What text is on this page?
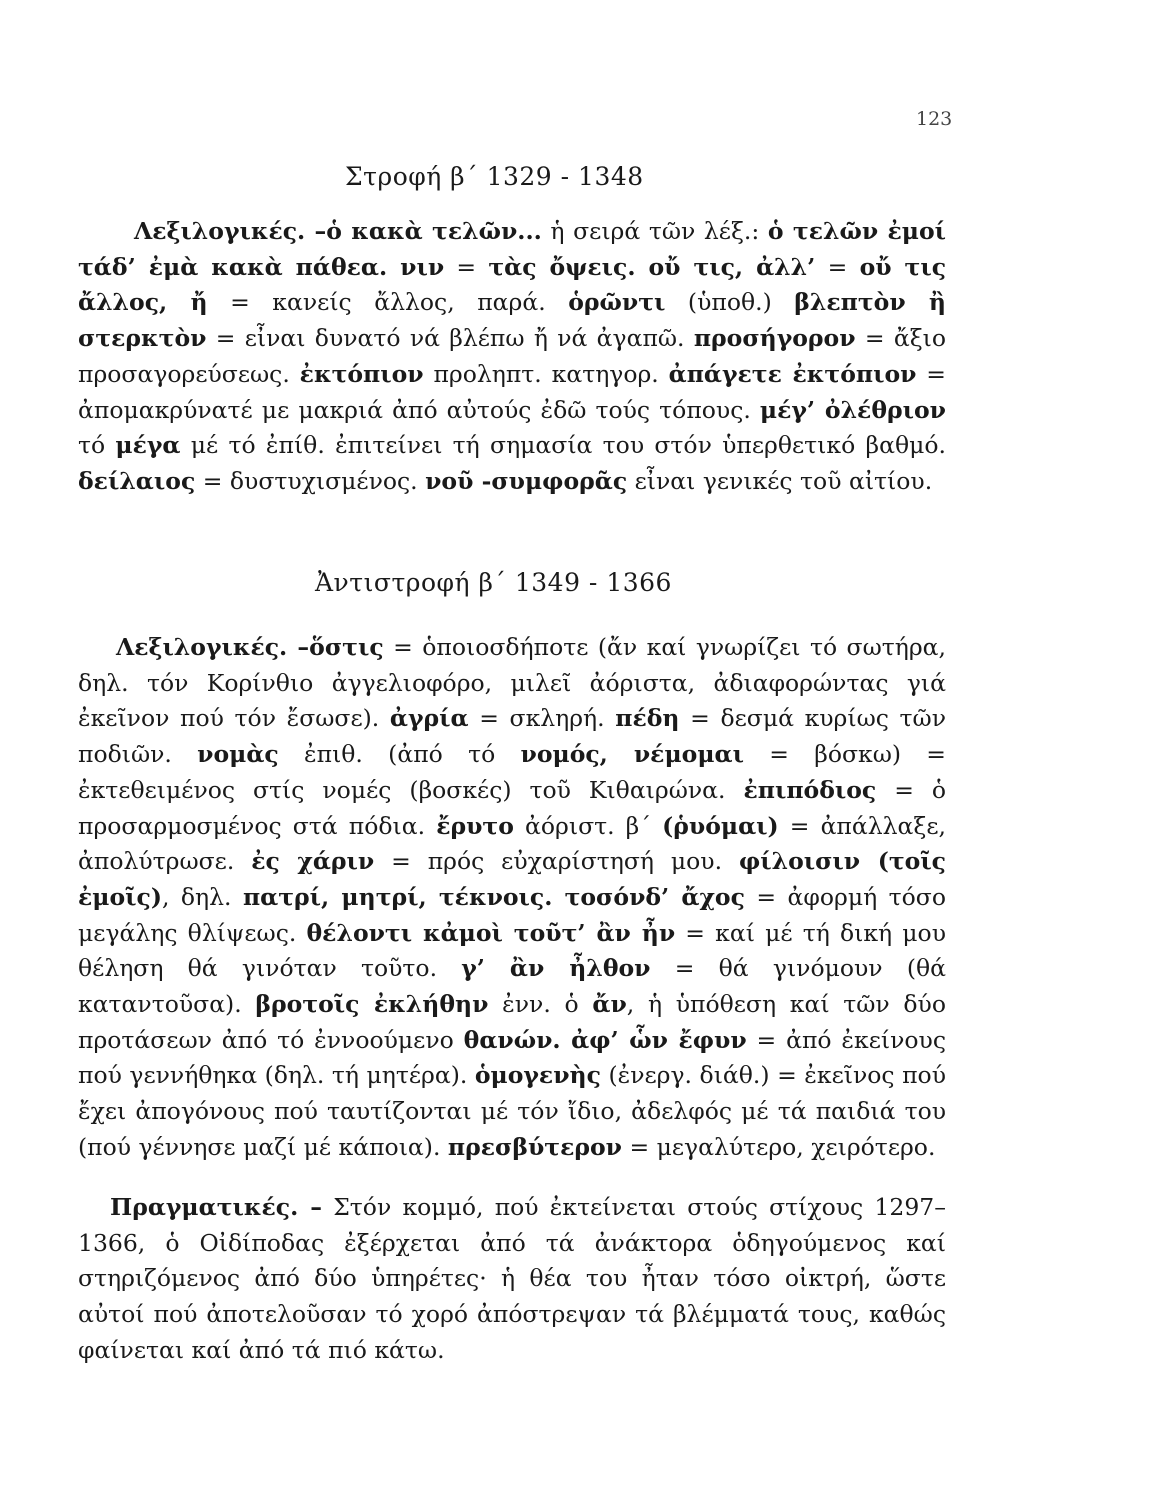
123
Στροφή β΄ 1329 - 1348
Λεξιλογικές. –ὁ κακὰ τελῶν... ἡ σειρά τῶν λέξ.: ὁ τελῶν ἐμοί τάδ’ ἐμὰ κακὰ πάθεα. νιν = τὰς ὄψεις. οὔ τις, ἀλλ’ = οὔ τις ἄλλος, ἤ = κανείς ἄλλος, παρά. ὁρῶντι (ὑποθ.) βλεπτὸν ἢ στερκτὸν = εἶναι δυνατό νά βλέπω ἤ νά ἀγαπῶ. προσήγορον = ἄξιο προσαγορεύσεως. ἐκτόπιον προληπτ. κατηγορ. ἀπάγετε ἐκτόπιον = ἀπομακρύνατέ με μακριά ἀπό αὐτούς ἐδῶ τούς τόπους. μέγ’ ὀλέθριον τό μέγα μέ τό ἐπίθ. ἐπιτείνει τή σημασία του στόν ὑπερθετικό βαθμό. δείλαιος = δυστυχισμένος. νοῦ -συμφορᾶς εἶναι γενικές τοῦ αἰτίου.
Ἀντιστροφή β΄ 1349 - 1366
Λεξιλογικές. –ὅστις = ὁποιοσδήποτε (ἄν καί γνωρίζει τό σωτήρα, δηλ. τόν Κορίνθιο ἀγγελιοφόρο, μιλεῖ ἀόριστα, ἀδιαφορώντας γιά ἐκεῖνον πού τόν ἔσωσε). ἀγρία = σκληρή. πέδη = δεσμά κυρίως τῶν ποδιῶν. νομὰς ἐπιθ. (ἀπό τό νομός, νέμομαι = βόσκω) = ἐκτεθειμένος στίς νομές (βοσκές) τοῦ Κιθαιρώνα. ἐπιπόδιος = ὁ προσαρμοσμένος στά πόδια. ἔρυτο ἀόριστ. β΄ (ῥυόμαι) = ἀπάλλαξε, ἀπολύτρωσε. ἐς χάριν = πρός εὐχαρίστησή μου. φίλοισιν (τοῖς ἐμοῖς), δηλ. πατρί, μητρί, τέκνοις. τοσόνδ’ ἄχος = ἀφορμή τόσο μεγάλης θλίψεως. θέλοντι κἀμοὶ τοῦτ’ ἂν ἦν = καί μέ τή δική μου θέληση θά γινόταν τοῦτο. γ’ ἂν ἦλθον = θά γινόμουν (θά καταντοῦσα). βροτοῖς ἐκλήθην ἐνν. ὁ ἄν, ἡ ὑπόθεση καί τῶν δύο προτάσεων ἀπό τό ἐννοούμενο θανών. ἀφ’ ὧν ἔφυν = ἀπό ἐκείνους πού γεννήθηκα (δηλ. τή μητέρα). ὁμογενὴς (ἐνεργ. διάθ.) = ἐκεῖνος πού ἔχει ἀπογόνους πού ταυτίζονται μέ τόν ἴδιο, ἀδελφός μέ τά παιδιά του (πού γέννησε μαζί μέ κάποια). πρεσβύτερον = μεγαλύτερο, χειρότερο.
Πραγματικές. – Στόν κομμό, πού ἐκτείνεται στούς στίχους 1297–1366, ὁ Οἰδίποδας ἐξέρχεται ἀπό τά ἀνάκτορα ὁδηγούμενος καί στηριζόμενος ἀπό δύο ὑπηρέτες· ἡ θέα του ἦταν τόσο οἰκτρή, ὥστε αὐτοί πού ἀποτελοῦσαν τό χορό ἀπόστρεψαν τά βλέμματά τους, καθώς φαίνεται καί ἀπό τά πιό κάτω.
